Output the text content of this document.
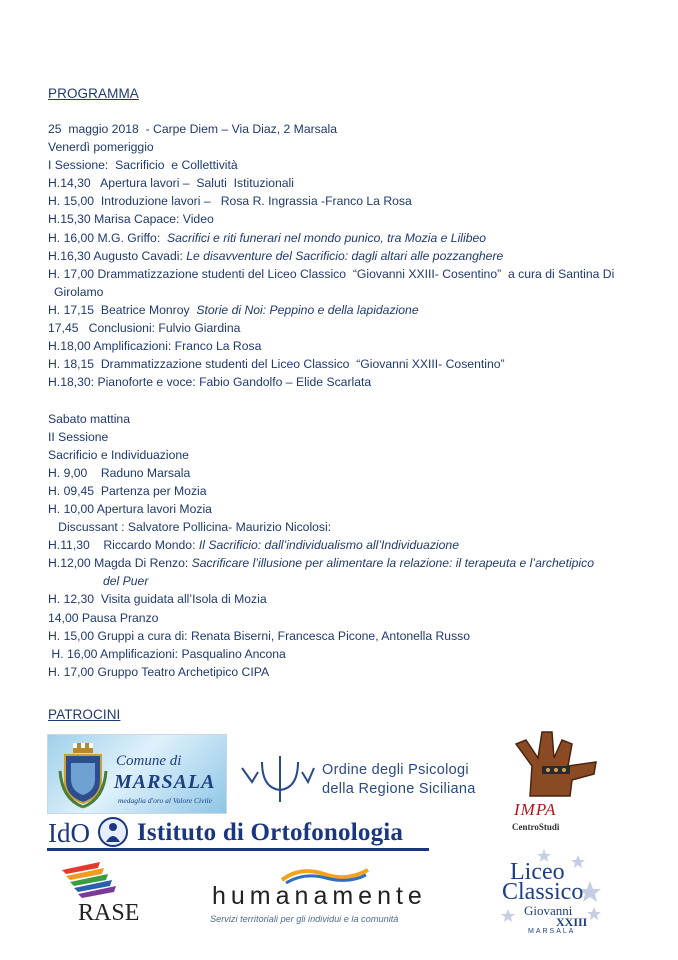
PROGRAMMA
25  maggio 2018  - Carpe Diem – Via Diaz, 2 Marsala
Venerdì pomeriggio
I Sessione:  Sacrificio  e Collettività
H.14,30   Apertura lavori –  Saluti  Istituzionali
H. 15,00  Introduzione lavori –   Rosa R. Ingrassia -Franco La Rosa
H.15,30 Marisa Capace: Video
H. 16,00 M.G. Griffo:  Sacrifici e riti funerari nel mondo punico, tra Mozia e Lilibeo
H.16,30 Augusto Cavadi: Le disavventure del Sacrificio: dagli altari alle pozzanghere
H. 17,00 Drammatizzazione studenti del Liceo Classico  “Giovanni XXIII- Cosentino”  a cura di Santina Di
Girolamo
H. 17,15  Beatrice Monroy  Storie di Noi: Peppino e della lapidazione
17,45   Conclusioni: Fulvio Giardina
H.18,00 Amplificazioni: Franco La Rosa
H. 18,15  Drammatizzazione studenti del Liceo Classico  “Giovanni XXIII- Cosentino”
H.18,30: Pianoforte e voce: Fabio Gandolfo – Elide Scarlata
Sabato mattina
II Sessione
Sacrificio e Individuazione
H. 9,00    Raduno Marsala
H. 09,45  Partenza per Mozia
H. 10,00 Apertura lavori Mozia
Discussant : Salvatore Pollicina- Maurizio Nicolosi:
H.11,30    Riccardo Mondo: Il Sacrificio: dall’individualismo all’Individuazione
H.12,00 Magda Di Renzo: Sacrificare l’illusione per alimentare la relazione: il terapeuta e l’archetipico
del Puer
H. 12,30  Visita guidata all’Isola di Mozia
14,00 Pausa Pranzo
H. 15,00 Gruppi a cura di: Renata Biserni, Francesca Picone, Antonella Russo
H. 16,00 Amplificazioni: Pasqualino Ancona
H. 17,00 Gruppo Teatro Archetipico CIPA
PATROCINI
Comune di
MARSALA
medaglia d'oro al Valore Civile
Ordine degli Psicologi
della Regione Siciliana
IMPA
CentroStudi
IdO Istituto di Ortofonologia
RASE
humanamente
Servizi territoriali per gli individui e la comunità
Liceo
Classico
Giovanni
XXIII
MARSALA
